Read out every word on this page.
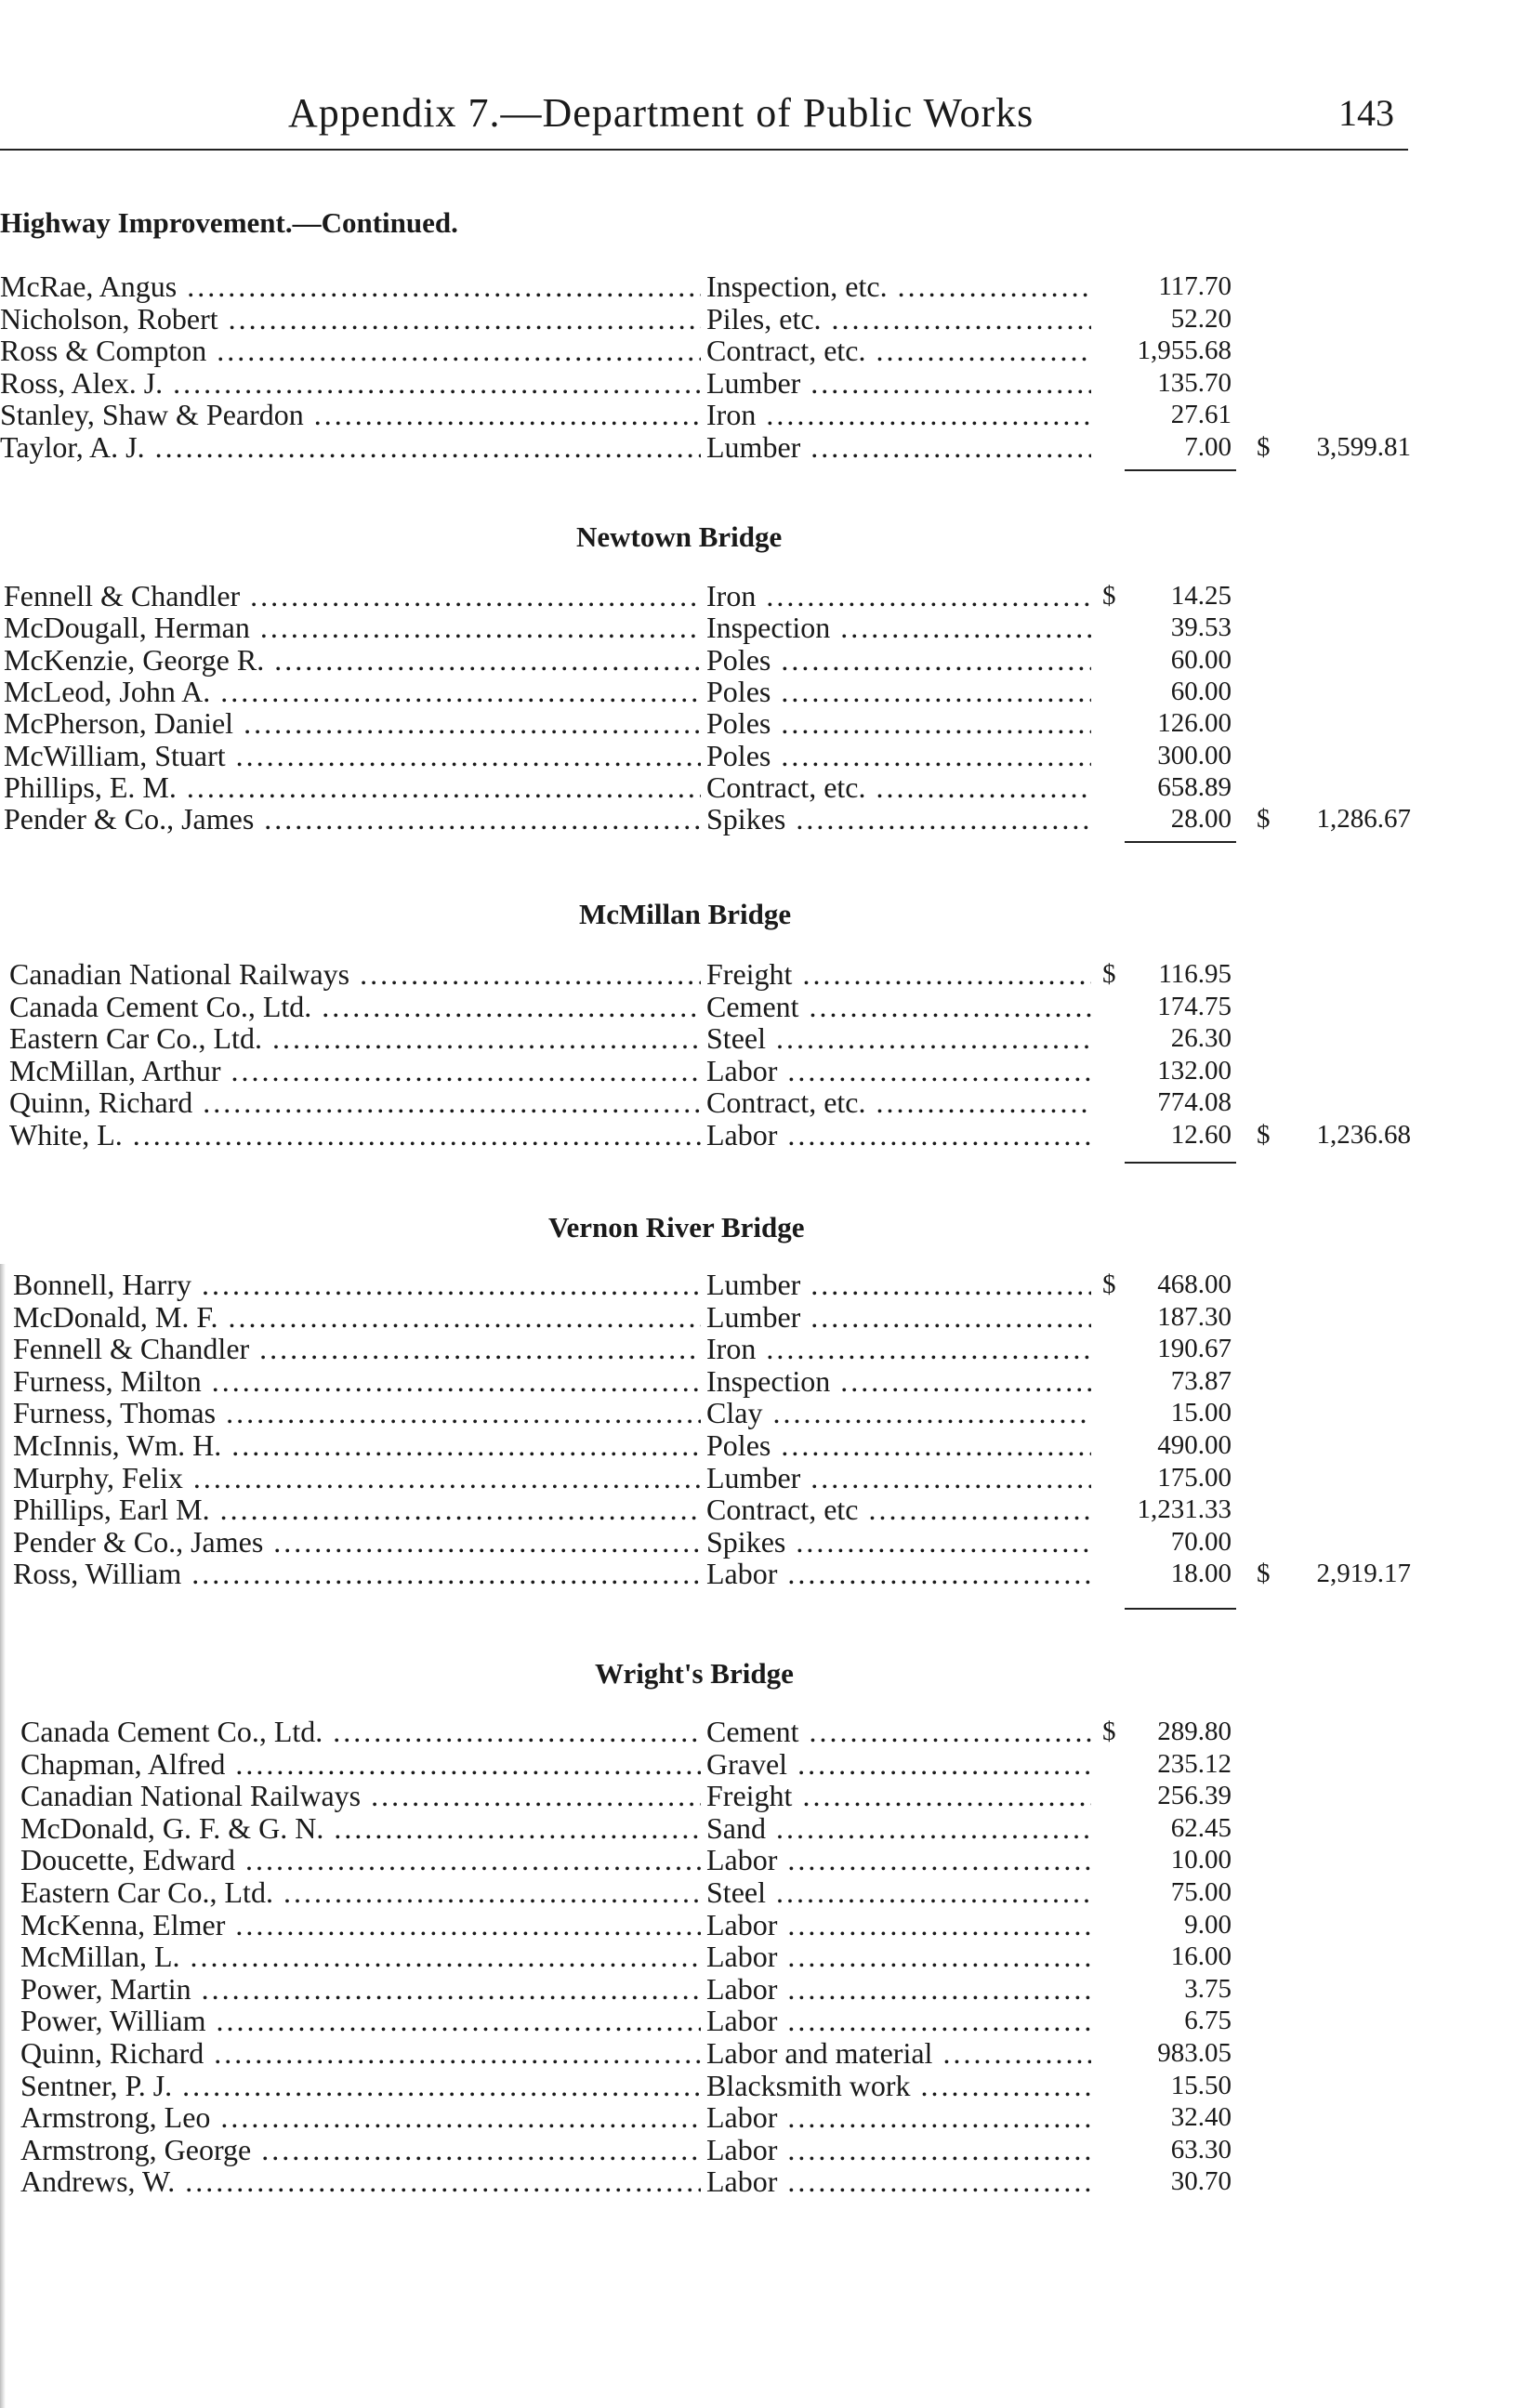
Appendix 7.—Department of Public Works	143
Highway Improvement.—Continued.
McRae, Angus .....	Inspection, etc. .....	117.70
Nicholson, Robert .....	Piles, etc. .....	52.20
Ross & Compton .....	Contract, etc. .....	1,955.68
Ross, Alex. J. .....	Lumber .....	135.70
Stanley, Shaw & Peardon .....	Iron .....	27.61
Taylor, A. J. .....	Lumber .....	7.00 $	3,599.81
Newtown Bridge
Fennell & Chandler .....	Iron .....	$	14.25
McDougall, Herman .....	Inspection .....	39.53
McKenzie, George R. .....	Poles .....	60.00
McLeod, John A. .....	Poles .....	60.00
McPherson, Daniel .....	Poles .....	126.00
McWilliam, Stuart .....	Poles .....	300.00
Phillips, E. M. .....	Contract, etc. .....	658.89
Pender & Co., James .....	Spikes .....	28.00 $	1,286.67
McMillan Bridge
Canadian National Railways .....	Freight .....	$	116.95
Canada Cement Co., Ltd. .....	Cement .....	174.75
Eastern Car Co., Ltd. .....	Steel .....	26.30
McMillan, Arthur .....	Labor .....	132.00
Quinn, Richard .....	Contract, etc. .....	774.08
White, L. .....	Labor .....	12.60 $	1,236.68
Vernon River Bridge
Bonnell, Harry .....	Lumber .....	$	468.00
McDonald, M. F. .....	Lumber .....	187.30
Fennell & Chandler .....	Iron .....	190.67
Furness, Milton .....	Inspection .....	73.87
Furness, Thomas .....	Clay .....	15.00
McInnis, Wm. H. .....	Poles .....	490.00
Murphy, Felix .....	Lumber .....	175.00
Phillips, Earl M. .....	Contract, etc .....	1,231.33
Pender & Co., James .....	Spikes .....	70.00
Ross, William .....	Labor .....	18.00 $	2,919.17
Wright's Bridge
Canada Cement Co., Ltd. .....	Cement .....	$	289.80
Chapman, Alfred .....	Gravel .....	235.12
Canadian National Railways .....	Freight .....	256.39
McDonald, G. F. & G. N. .....	Sand .....	62.45
Doucette, Edward .....	Labor .....	10.00
Eastern Car Co., Ltd. .....	Steel .....	75.00
McKenna, Elmer .....	Labor .....	9.00
McMillan, L. .....	Labor .....	16.00
Power, Martin .....	Labor .....	3.75
Power, William .....	Labor .....	6.75
Quinn, Richard .....	Labor and material .....	983.05
Sentner, P. J. .....	Blacksmith work .....	15.50
Armstrong, Leo .....	Labor .....	32.40
Armstrong, George .....	Labor .....	63.30
Andrews, W. .....	Labor .....	30.70
